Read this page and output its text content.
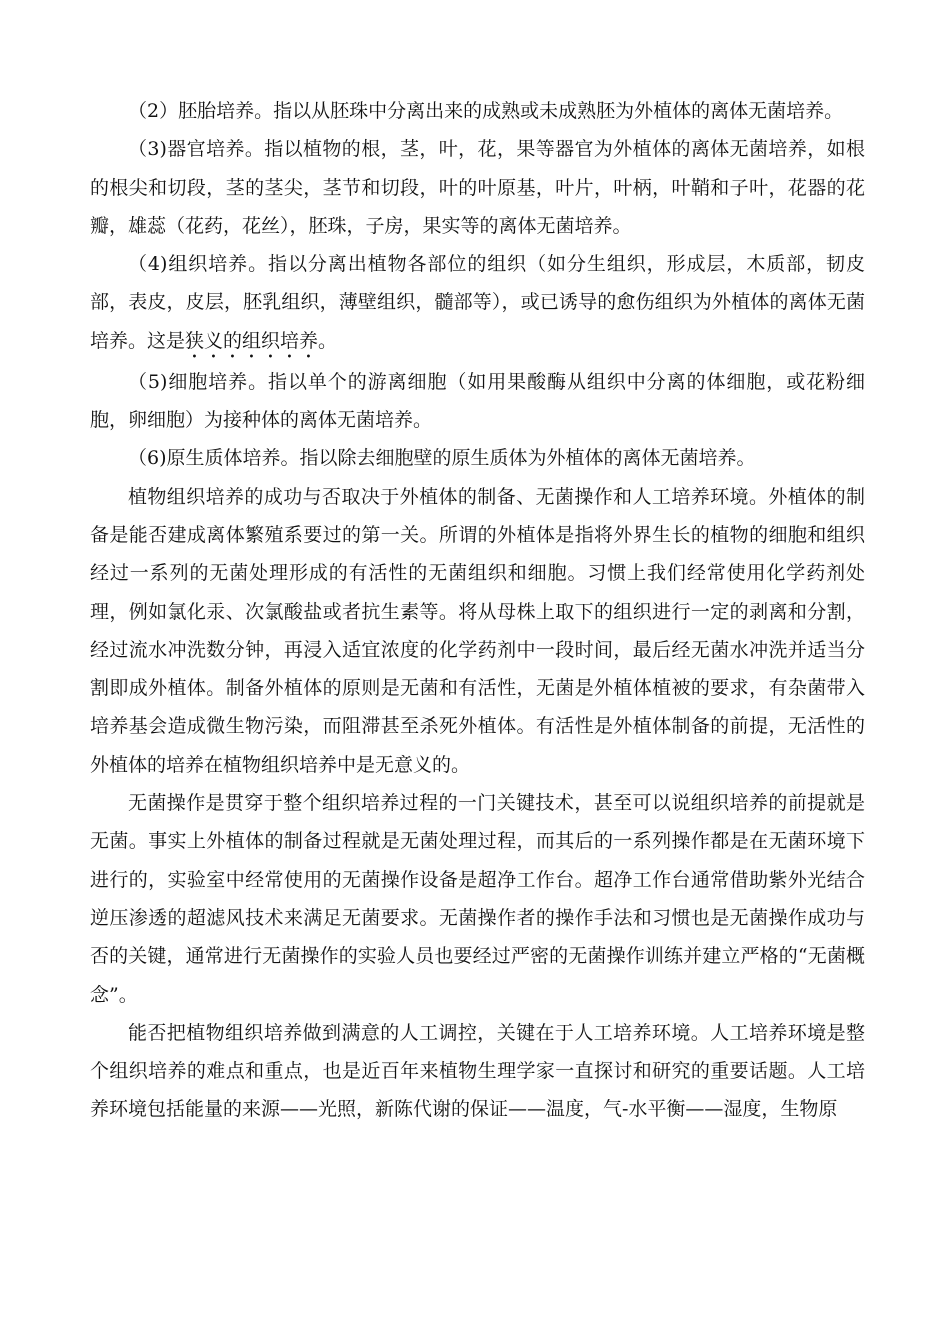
（2）胚胎培养。指以从胚珠中分离出来的成熟或未成熟胚为外植体的离体无菌培养。

（3)器官培养。指以植物的根，茎，叶，花，果等器官为外植体的离体无菌培养，如根的根尖和切段，茎的茎尖，茎节和切段，叶的叶原基，叶片，叶柄，叶鞘和子叶，花器的花瓣，雄蕊（花药，花丝），胚珠，子房，果实等的离体无菌培养。

（4)组织培养。指以分离出植物各部位的组织（如分生组织，形成层，木质部，韧皮部，表皮，皮层，胚乳组织，薄壁组织，髓部等），或已诱导的愈伤组织为外植体的离体无菌培养。这是狭义的组织培养。

（5)细胞培养。指以单个的游离细胞（如用果酸酶从组织中分离的体细胞，或花粉细胞，卵细胞）为接种体的离体无菌培养。

（6)原生质体培养。指以除去细胞壁的原生质体为外植体的离体无菌培养。

植物组织培养的成功与否取决于外植体的制备、无菌操作和人工培养环境。外植体的制备是能否建成离体繁殖系要过的第一关。所谓的外植体是指将外界生长的植物的细胞和组织经过一系列的无菌处理形成的有活性的无菌组织和细胞。习惯上我们经常使用化学药剂处理，例如氯化汞、次氯酸盐或者抗生素等。将从母株上取下的组织进行一定的剥离和分割，经过流水冲洗数分钟，再浸入适宜浓度的化学药剂中一段时间，最后经无菌水冲洗并适当分割即成外植体。制备外植体的原则是无菌和有活性，无菌是外植体植被的要求，有杂菌带入培养基会造成微生物污染，而阻滞甚至杀死外植体。有活性是外植体制备的前提，无活性的外植体的培养在植物组织培养中是无意义的。

无菌操作是贯穿于整个组织培养过程的一门关键技术，甚至可以说组织培养的前提就是无菌。事实上外植体的制备过程就是无菌处理过程，而其后的一系列操作都是在无菌环境下进行的，实验室中经常使用的无菌操作设备是超净工作台。超净工作台通常借助紫外光结合逆压渗透的超滤风技术来满足无菌要求。无菌操作者的操作手法和习惯也是无菌操作成功与否的关键，通常进行无菌操作的实验人员也要经过严密的无菌操作训练并建立严格的“无菌概念”。

能否把植物组织培养做到满意的人工调控，关键在于人工培养环境。人工培养环境是整个组织培养的难点和重点，也是近百年来植物生理学家一直探讨和研究的重要话题。人工培养环境包括能量的来源——光照，新陈代谢的保证——温度，气-水平衡——湿度，生物原
